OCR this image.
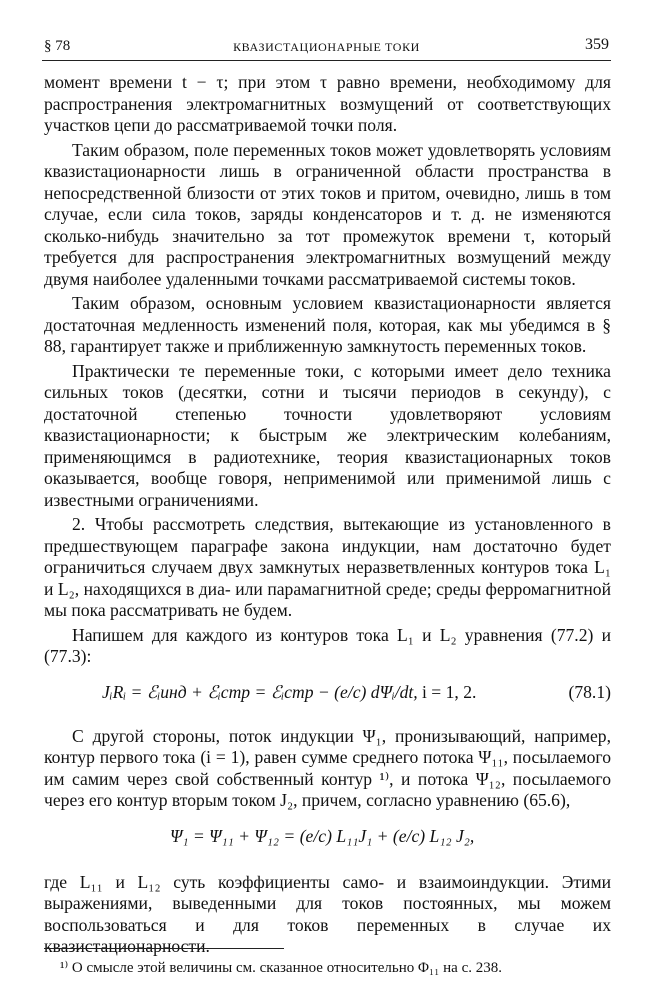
§ 78	КВАЗИСТАЦИОНАРНЫЕ ТОКИ	359

момент времени t − τ; при этом τ равно времени, необходимому для распространения электромагнитных возмущений от соответствующих участков цепи до рассматриваемой точки поля.

Таким образом, поле переменных токов может удовлетворять условиям квазистационарности лишь в ограниченной области пространства в непосредственной близости от этих токов и притом, очевидно, лишь в том случае, если сила токов, заряды конденсаторов и т. д. не изменяются сколько-нибудь значительно за тот промежуток времени τ, который требуется для распространения электромагнитных возмущений между двумя наиболее удаленными точками рассматриваемой системы токов.

Таким образом, основным условием квазистационарности является достаточная медленность изменений поля, которая, как мы убедимся в § 88, гарантирует также и приближенную замкнутость переменных токов.

Практически те переменные токи, с которыми имеет дело техника сильных токов (десятки, сотни и тысячи периодов в секунду), с достаточной степенью точности удовлетворяют условиям квазистационарности; к быстрым же электрическим колебаниям, применяющимся в радиотехнике, теория квазистационарных токов оказывается, вообще говоря, неприменимой или применимой лишь с известными ограничениями.

2. Чтобы рассмотреть следствия, вытекающие из установленного в предшествующем параграфе закона индукции, нам достаточно будет ограничиться случаем двух замкнутых неразветвленных контуров тока L₁ и L₂, находящихся в диа- или парамагнитной среде; среды ферромагнитной мы пока рассматривать не будем.

Напишем для каждого из контуров тока L₁ и L₂ уравнения (77.2) и (77.3):

JᵢRᵢ = ℰᵢинд + ℰᵢстр = ℰᵢстр − (e/c) dΨᵢ/dt, i = 1, 2.	(78.1)

С другой стороны, поток индукции Ψ₁, пронизывающий, например, контур первого тока (i = 1), равен сумме среднего потока Ψ₁₁, посылаемого им самим через свой собственный контур ¹⁾, и потока Ψ₁₂, посылаемого через его контур вторым током J₂, причем, согласно уравнению (65.6),

Ψ₁ = Ψ₁₁ + Ψ₁₂ = (e/c) L₁₁J₁ + (e/c) L₁₂ J₂,

где L₁₁ и L₁₂ суть коэффициенты само- и взаимоиндукции. Этими выражениями, выведенными для токов постоянных, мы можем воспользоваться и для токов переменных в случае их квазистационарности.

¹⁾ О смысле этой величины см. сказанное относительно Φ₁₁ на с. 238.
